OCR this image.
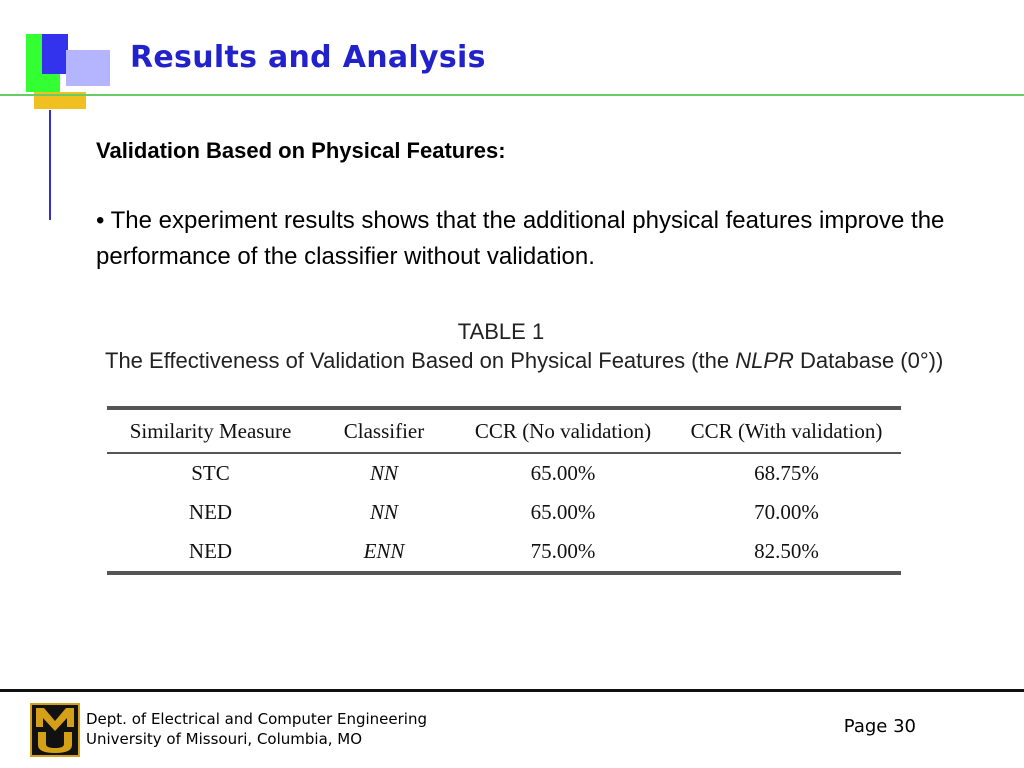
Results and Analysis

Validation Based on Physical Features:

• The experiment results shows that the additional physical features improve the performance of the classifier without validation.

TABLE 1
The Effectiveness of Validation Based on Physical Features (the NLPR Database (0°))
Similarity Measure	Classifier	CCR (No validation)	CCR (With validation)
STC	NN	65.00%	68.75%
NED	NN	65.00%	70.00%
NED	ENN	75.00%	82.50%
Dept. of Electrical and Computer Engineering
University of Missouri, Columbia, MO
Page 30
